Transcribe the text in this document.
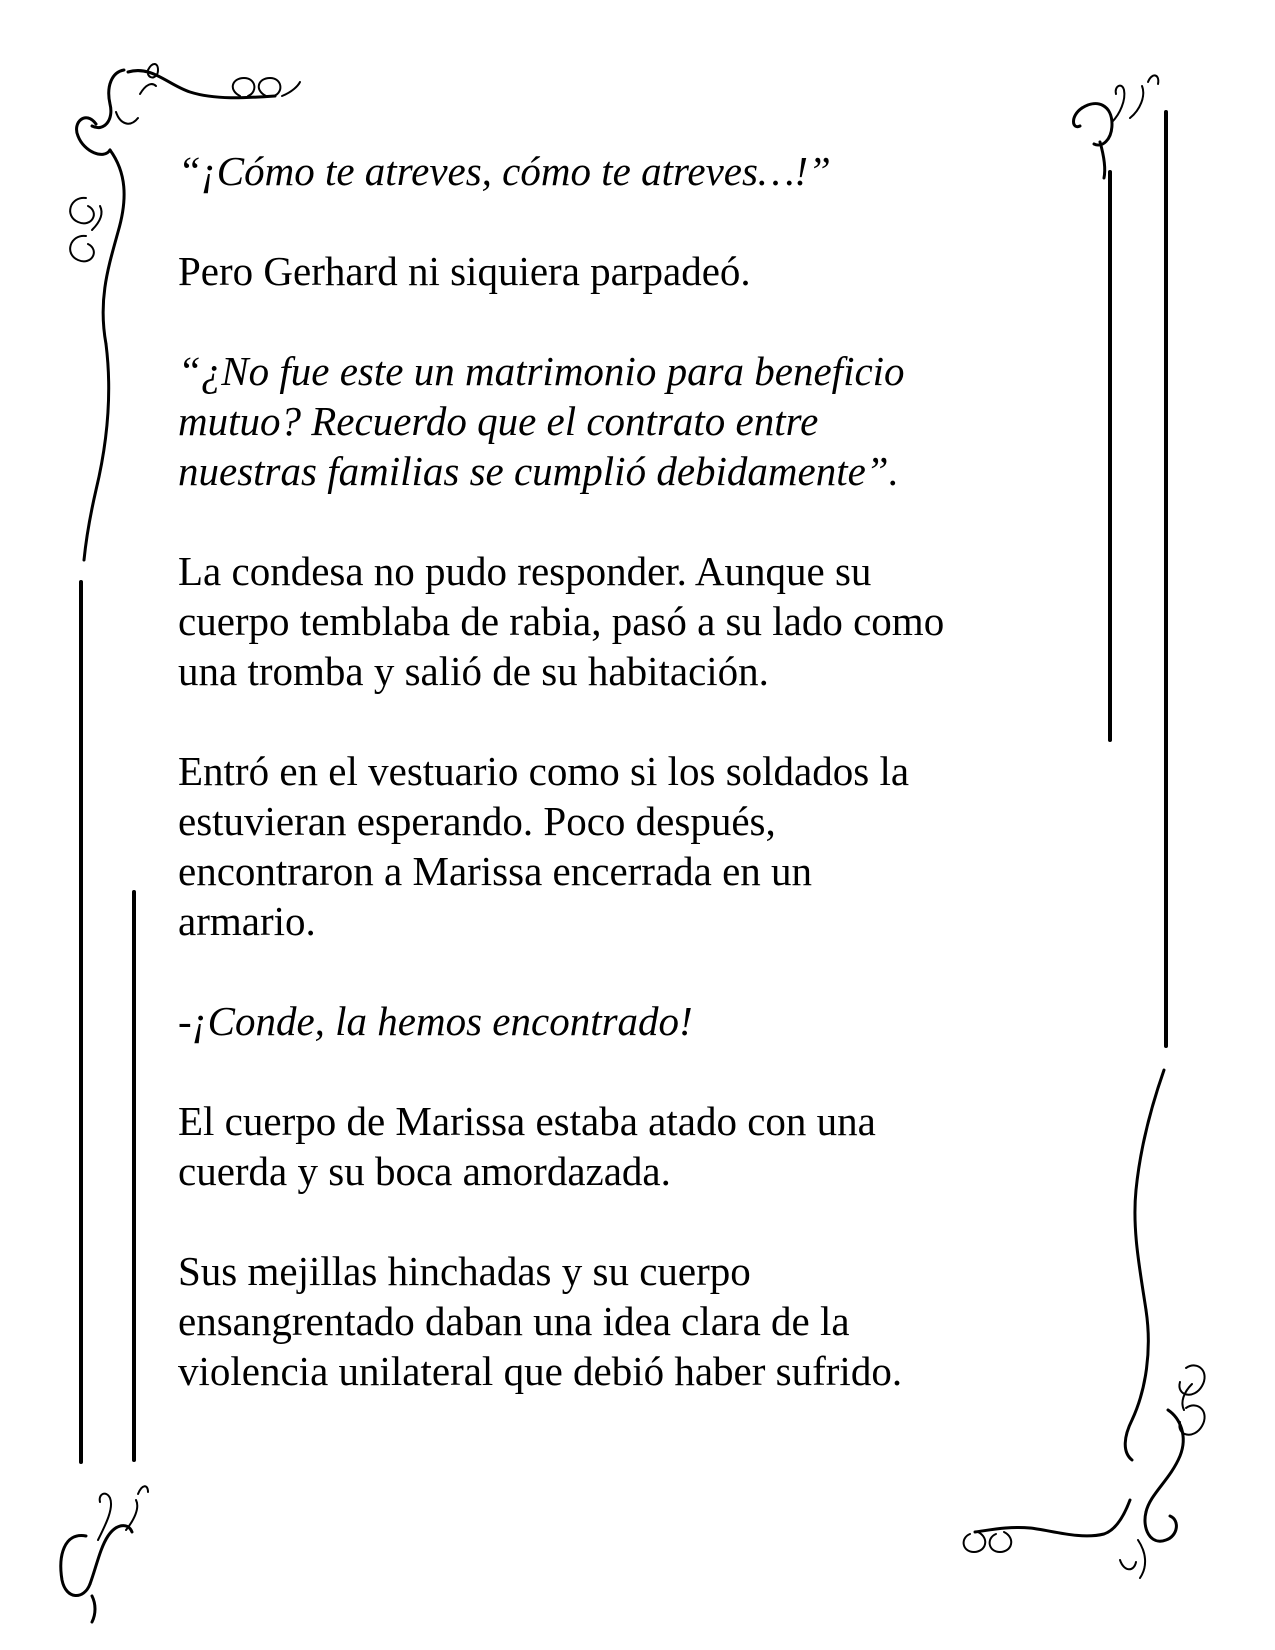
“¡Cómo te atreves, cómo te atreves…!”

Pero Gerhard ni siquiera parpadeó.

“¿No fue este un matrimonio para beneficio
mutuo? Recuerdo que el contrato entre
nuestras familias se cumplió debidamente”.

La condesa no pudo responder. Aunque su
cuerpo temblaba de rabia, pasó a su lado como
una tromba y salió de su habitación.

Entró en el vestuario como si los soldados la
estuvieran esperando. Poco después,
encontraron a Marissa encerrada en un
armario.

-¡Conde, la hemos encontrado!

El cuerpo de Marissa estaba atado con una
cuerda y su boca amordazada.

Sus mejillas hinchadas y su cuerpo
ensangrentado daban una idea clara de la
violencia unilateral que debió haber sufrido.
